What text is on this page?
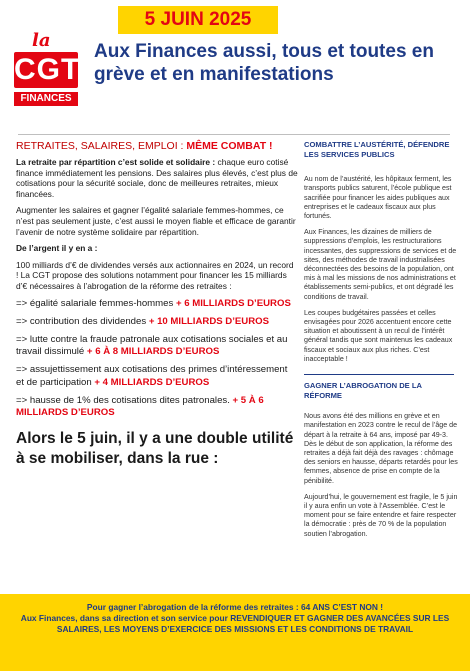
la
CGT
FINANCES
5 JUIN 2025
Aux Finances aussi, tous et toutes en grève et en manifestations
RETRAITES, SALAIRES, EMPLOI : MÊME COMBAT !

La retraite par répartition c’est solide et solidaire : chaque euro cotisé finance immédiatement les pensions. Des salaires plus élevés, c’est plus de cotisations pour la sécurité sociale, donc de meilleures retraites, mieux financées.

Augmenter les salaires et gagner l’égalité salariale femmes-hommes, ce n’est pas seulement juste, c’est aussi le moyen fiable et efficace de garantir l’avenir de notre système solidaire par répartition.

De l’argent il y en a :

100 milliards d’€ de dividendes versés aux actionnaires en 2024, un record ! La CGT propose des solutions notamment pour financer les 15 milliards d’€ nécessaires à l’abrogation de la réforme des retraites :

=> égalité salariale femmes-hommes + 6 MILLIARDS D’EUROS
=> contribution des dividendes + 10 MILLIARDS D’EUROS
=> lutte contre la fraude patronale aux cotisations sociales et au travail dissimulé + 6 À 8 MILLIARDS D’EUROS
=> assujettissement aux cotisations des primes d’intéressement et de participation + 4 MILLIARDS D’EUROS
=> hausse de 1% des cotisations dites patronales. + 5 À 6 MILLIARDS D’EUROS
Alors le 5 juin, il y a une double utilité à se mobiliser, dans la rue :
COMBATTRE L’AUSTÉRITÉ, DÉFENDRE LES SERVICES PUBLICS

Au nom de l’austérité, les hôpitaux ferment, les transports publics saturent, l’école publique est sacrifiée pour financer les aides publiques aux entreprises et le cadeaux fiscaux aux plus fortunés.

Aux Finances, les dizaines de milliers de suppressions d’emplois, les restructurations incessantes, des suppressions de services et de sites, des méthodes de travail industrialisées déconnectées des besoins de la population, ont mis à mal les missions de nos administrations et établissements semi-publics, et ont dégradé les conditions de travail.

Les coupes budgétaires passées et celles envisagées pour 2026 accentuent encore cette situation et aboutissent à un recul de l’intérêt général tandis que sont maintenus les cadeaux fiscaux et sociaux aux plus riches. C’est inacceptable !

GAGNER L’ABROGATION DE LA RÉFORME

Nous avons été des millions en grève et en manifestation en 2023 contre le recul de l’âge de départ à la retraite à 64 ans, imposé par 49-3. Dès le début de son application, la réforme des retraites a déjà fait déjà des ravages : chômage des seniors en hausse, départs retardés pour les femmes, absence de prise en compte de la pénibilité.

Aujourd’hui, le gouvernement est fragile, le 5 juin il y aura enfin un vote à l’Assemblée. C’est le moment pour se faire entendre et faire respecter la démocratie : près de 70 % de la population soutien l’abrogation.

Pour gagner l’abrogation de la réforme des retraites : 64 ANS C’EST NON !
Aux Finances, dans sa direction et son service pour REVENDIQUER ET GAGNER DES AVANCÉES SUR LES SALAIRES, LES MOYENS D’EXERCICE DES MISSIONS ET LES CONDITIONS DE TRAVAIL
